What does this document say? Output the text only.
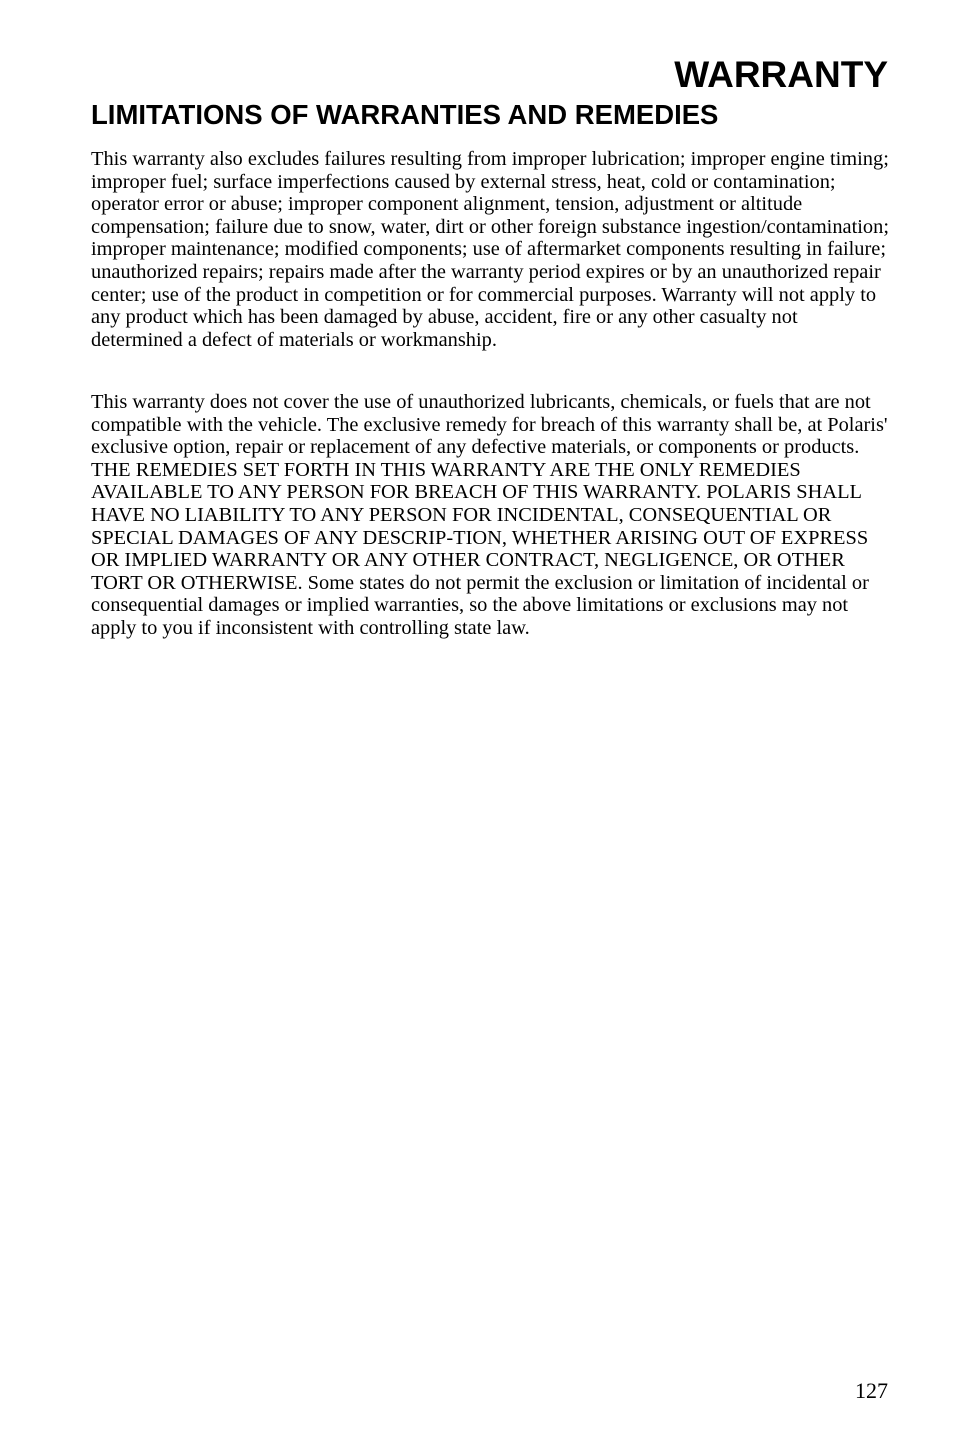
WARRANTY
LIMITATIONS OF WARRANTIES AND REMEDIES

This warranty also excludes failures resulting from improper lubrication; improper engine timing; improper fuel; surface imperfections caused by external stress, heat, cold or contamination; operator error or abuse; improper component alignment, tension, adjustment or altitude compensation; failure due to snow, water, dirt or other foreign substance ingestion/contamination; improper maintenance; modified components; use of aftermarket components resulting in failure; unauthorized repairs; repairs made after the warranty period expires or by an unauthorized repair center; use of the product in competition or for commercial purposes. Warranty will not apply to any product which has been damaged by abuse, accident, fire or any other casualty not determined a defect of materials or workmanship.

This warranty does not cover the use of unauthorized lubricants, chemicals, or fuels that are not compatible with the vehicle. The exclusive remedy for breach of this warranty shall be, at Polaris' exclusive option, repair or replacement of any defective materials, or components or products. THE REMEDIES SET FORTH IN THIS WARRANTY ARE THE ONLY REMEDIES AVAILABLE TO ANY PERSON FOR BREACH OF THIS WARRANTY. POLARIS SHALL HAVE NO LIABILITY TO ANY PERSON FOR INCIDENTAL, CONSEQUENTIAL OR SPECIAL DAMAGES OF ANY DESCRIP-TION, WHETHER ARISING OUT OF EXPRESS OR IMPLIED WARRANTY OR ANY OTHER CONTRACT, NEGLIGENCE, OR OTHER TORT OR OTHERWISE. Some states do not permit the exclusion or limitation of incidental or consequential damages or implied warranties, so the above limitations or exclusions may not apply to you if inconsistent with controlling state law.

127
